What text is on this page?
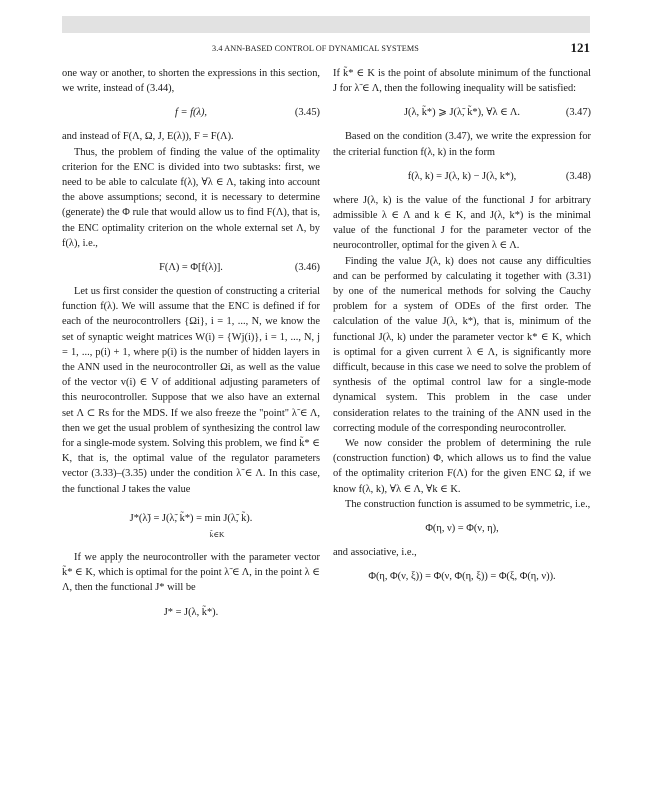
3.4 ANN-BASED CONTROL OF DYNAMICAL SYSTEMS	121

one way or another, to shorten the expressions in this section, we write, instead of (3.44),

f = f(λ),	(3.45)

and instead of F(Λ, Ω, J, E(λ)), F = F(Λ).

Thus, the problem of finding the value of the optimality criterion for the ENC is divided into two subtasks: first, we need to be able to calculate f(λ), ∀λ ∈ Λ, taking into account the above assumptions; second, it is necessary to determine (generate) the Φ rule that would allow us to find F(Λ), that is, the ENC optimality criterion on the whole external set Λ, by f(λ), i.e.,

F(Λ) = Φ[f(λ)].	(3.46)

Let us first consider the question of constructing a criterial function f(λ). We will assume that the ENC is defined if for each of the neurocontrollers {Ωi}, i = 1, ..., N, we know the set of synaptic weight matrices W(i) = {Wj(i)}, i = 1, ..., N, j = 1, ..., p(i) + 1, where p(i) is the number of hidden layers in the ANN used in the neurocontroller Ωi, as well as the value of the vector v(i) ∈ V of additional adjusting parameters of this neurocontroller. Suppose that we also have an external set Λ ⊂ Rs for the MDS. If we also freeze the "point" λ̃ ∈ Λ, then we get the usual problem of synthesizing the control law for a single-mode system. Solving this problem, we find k̃* ∈ K, that is, the optimal value of the regulator parameters vector (3.33)–(3.35) under the condition λ̃ ∈ Λ. In this case, the functional J takes the value

J*(λ̃) = J(λ̃, k̃*) = min J(λ̃, k̃).
k̃∈K

If we apply the neurocontroller with the parameter vector k̃* ∈ K, which is optimal for the point λ̃ ∈ Λ, in the point λ ∈ Λ, then the functional J* will be

J* = J(λ, k̃*).

If k̃* ∈ K is the point of absolute minimum of the functional J for λ̃ ∈ Λ, then the following inequality will be satisfied:

J(λ, k̃*) ⩾ J(λ̃, k̃*), ∀λ ∈ Λ.	(3.47)

Based on the condition (3.47), we write the expression for the criterial function f(λ, k) in the form

f(λ, k) = J(λ, k) − J(λ, k*),	(3.48)

where J(λ, k) is the value of the functional J for arbitrary admissible λ ∈ Λ and k ∈ K, and J(λ, k*) is the minimal value of the functional J for the parameter vector of the neurocontroller, optimal for the given λ ∈ Λ.

Finding the value J(λ, k) does not cause any difficulties and can be performed by calculating it together with (3.31) by one of the numerical methods for solving the Cauchy problem for a system of ODEs of the first order. The calculation of the value J(λ, k*), that is, minimum of the functional J(λ, k) under the parameter vector k* ∈ K, which is optimal for a given current λ ∈ Λ, is significantly more difficult, because in this case we need to solve the problem of synthesis of the optimal control law for a single-mode dynamical system. This problem in the case under consideration relates to the training of the ANN used in the correcting module of the corresponding neurocontroller.

We now consider the problem of determining the rule (construction function) Φ, which allows us to find the value of the optimality criterion F(Λ) for the given ENC Ω, if we know f(λ, k), ∀λ ∈ Λ, ∀k ∈ K.

The construction function is assumed to be symmetric, i.e.,

Φ(η, ν) = Φ(ν, η),

and associative, i.e.,

Φ(η, Φ(ν, ξ)) = Φ(ν, Φ(η, ξ)) = Φ(ξ, Φ(η, ν)).
